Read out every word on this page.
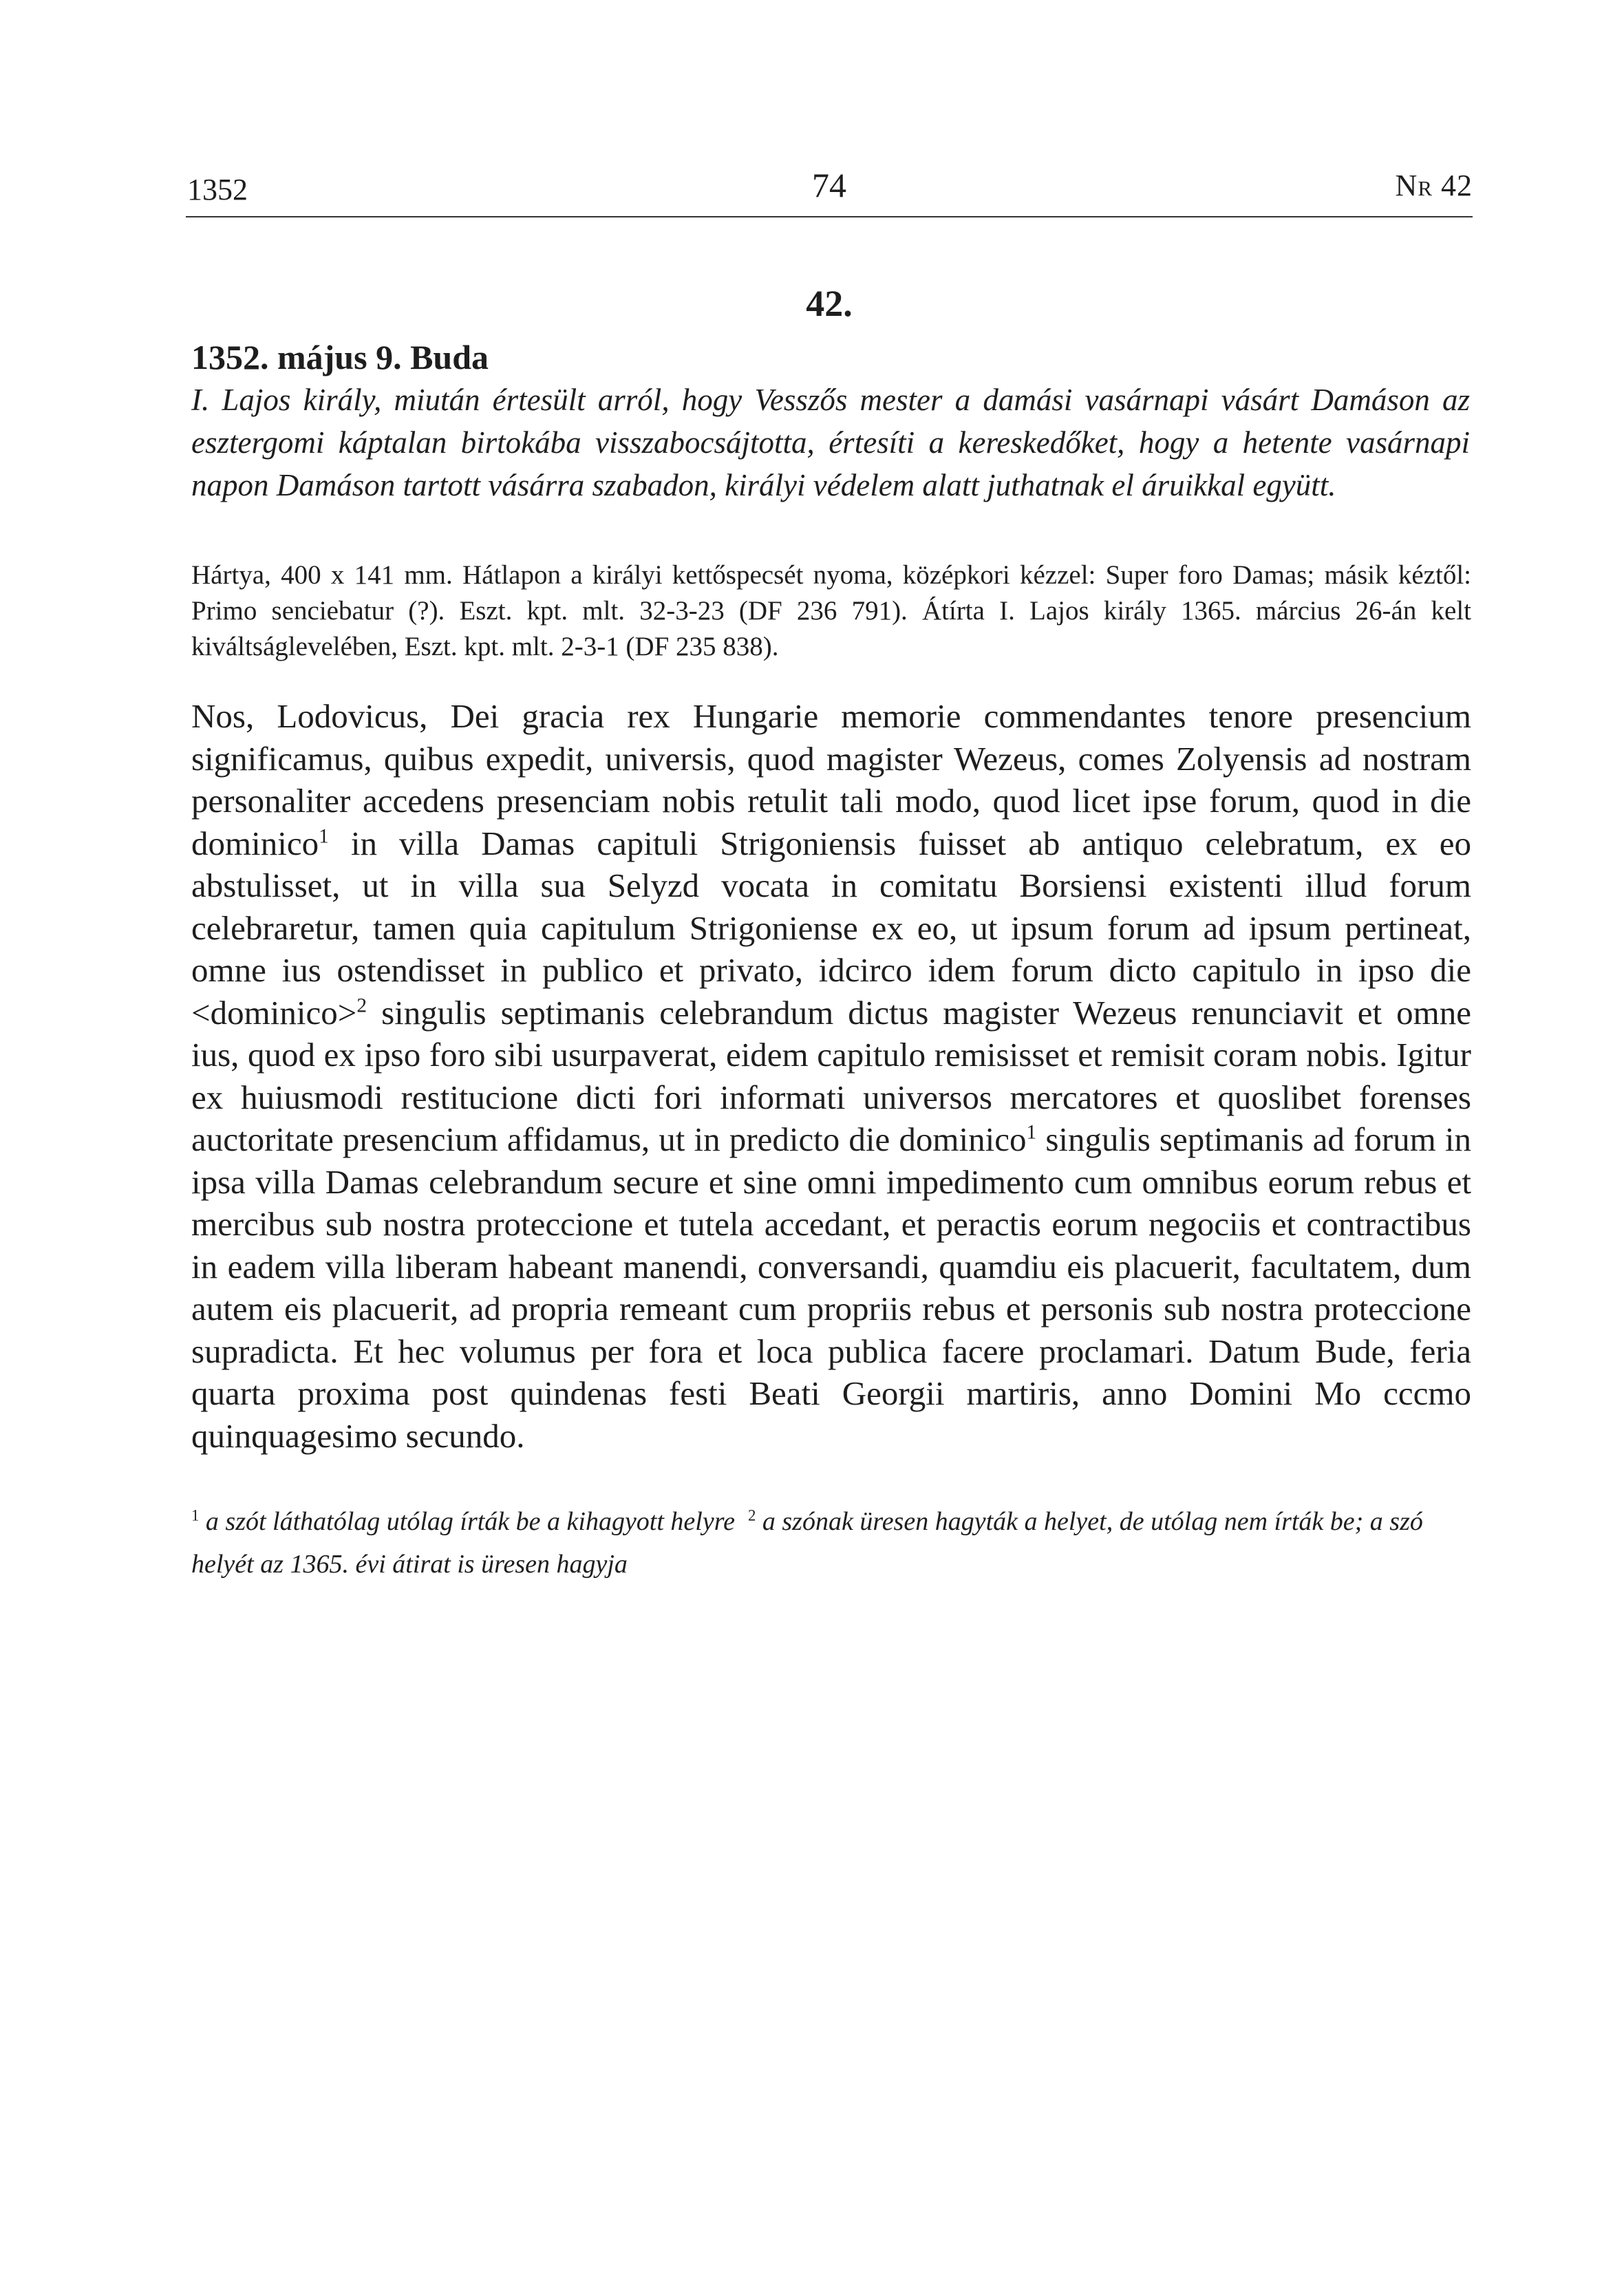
1352	74	Nr 42
42.
1352. május 9. Buda
I. Lajos király, miután értesült arról, hogy Vesszős mester a damási vasárnapi vásárt Damáson az esztergomi káptalan birtokába visszabocsájtotta, értesíti a kereskedőket, hogy a hetente vasárnapi napon Damáson tartott vásárra szabadon, királyi védelem alatt juthatnak el áruikkal együtt.
Hártya, 400 x 141 mm. Hátlapon a királyi kettőspecsét nyoma, középkori kézzel: Super foro Damas; másik kéztől: Primo senciebatur (?). Eszt. kpt. mlt. 32-3-23 (DF 236 791). Átírta I. Lajos király 1365. március 26-án kelt kiváltságlevelében, Eszt. kpt. mlt. 2-3-1 (DF 235 838).
Nos, Lodovicus, Dei gracia rex Hungarie memorie commendantes tenore presencium significamus, quibus expedit, universis, quod magister Wezeus, comes Zolyensis ad nostram personaliter accedens presenciam nobis retulit tali modo, quod licet ipse forum, quod in die dominico$^1$ in villa Damas capituli Strigoniensis fuisset ab antiquo celebratum, ex eo abstulisset, ut in villa sua Selyzd vocata in comitatu Borsiensi existenti illud forum celebraretur, tamen quia capitulum Strigoniense ex eo, ut ipsum forum ad ipsum pertineat, omne ius ostendisset in publico et privato, idcirco idem forum dicto capitulo in ipso die <dominico>$^2$ singulis septimanis celebrandum dictus magister Wezeus renunciavit et omne ius, quod ex ipso foro sibi usurpaverat, eidem capitulo remisisset et remisit coram nobis. Igitur ex huiusmodi restitucione dicti fori informati universos mercatores et quoslibet forenses auctoritate presencium affidamus, ut in predicto die dominico$^1$ singulis septimanis ad forum in ipsa villa Damas celebrandum secure et sine omni impedimento cum omnibus eorum rebus et mercibus sub nostra proteccione et tutela accedant, et peractis eorum negociis et contractibus in eadem villa liberam habeant manendi, conversandi, quamdiu eis placuerit, facultatem, dum autem eis placuerit, ad propria remeant cum propriis rebus et personis sub nostra proteccione supradicta. Et hec volumus per fora et loca publica facere proclamari. Datum Bude, feria quarta proxima post quindenas festi Beati Georgii martiris, anno Domini Mo cccmo quinquagesimo secundo.
$^1$ a szót láthatólag utólag írták be a kihagyott helyre $^2$ a szónak üresen hagyták a helyet, de utólag nem írták be; a szó helyét az 1365. évi átirat is üresen hagyja
